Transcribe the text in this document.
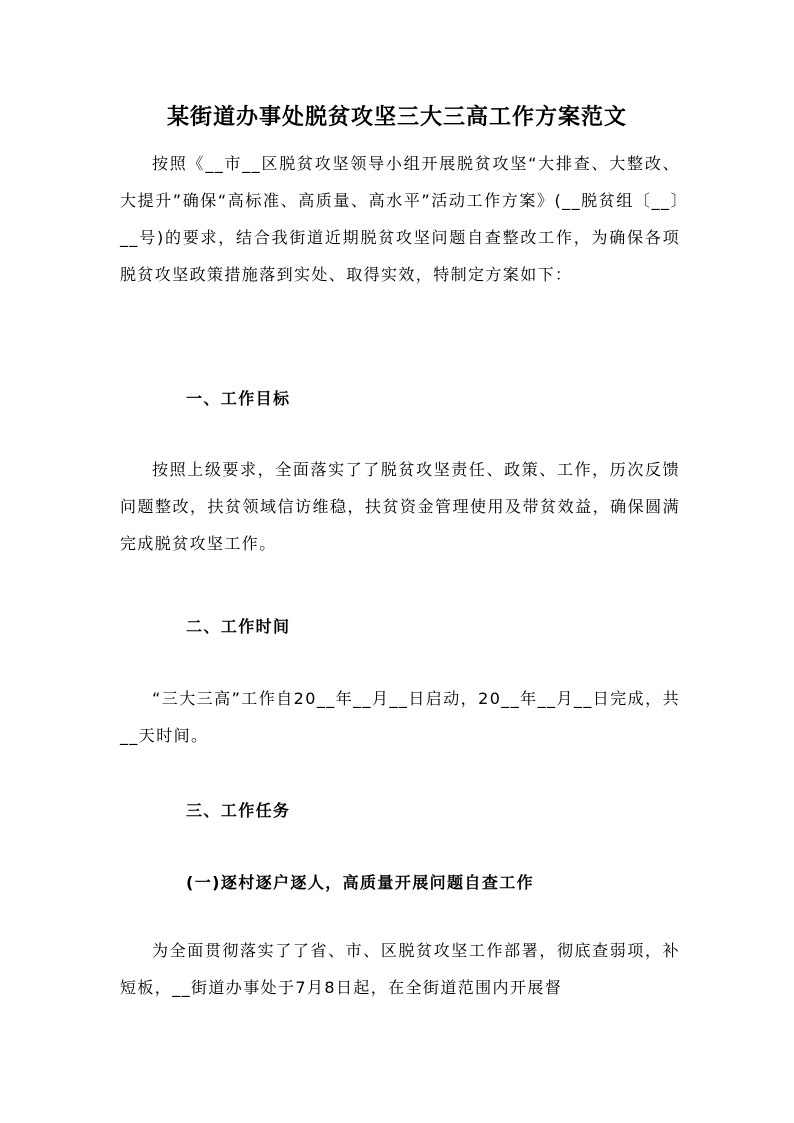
某街道办事处脱贫攻坚三大三高工作方案范文
按照《__市__区脱贫攻坚领导小组开展脱贫攻坚“大排查、大整改、大提升”确保“高标准、高质量、高水平”活动工作方案》(__脱贫组〔__〕__号)的要求，结合我街道近期脱贫攻坚问题自查整改工作，为确保各项脱贫攻坚政策措施落到实处、取得实效，特制定方案如下：
一、工作目标
按照上级要求，全面落实了了脱贫攻坚责任、政策、工作，历次反馈问题整改，扶贫领域信访维稳，扶贫资金管理使用及带贫效益，确保圆满完成脱贫攻坚工作。
二、工作时间
“三大三高”工作自20__年__月__日启动，20__年__月__日完成，共__天时间。
三、工作任务
(一)逐村逐户逐人，高质量开展问题自查工作
为全面贯彻落实了了省、市、区脱贫攻坚工作部署，彻底查弱项，补短板，__街道办事处于7月8日起，在全街道范围内开展督
